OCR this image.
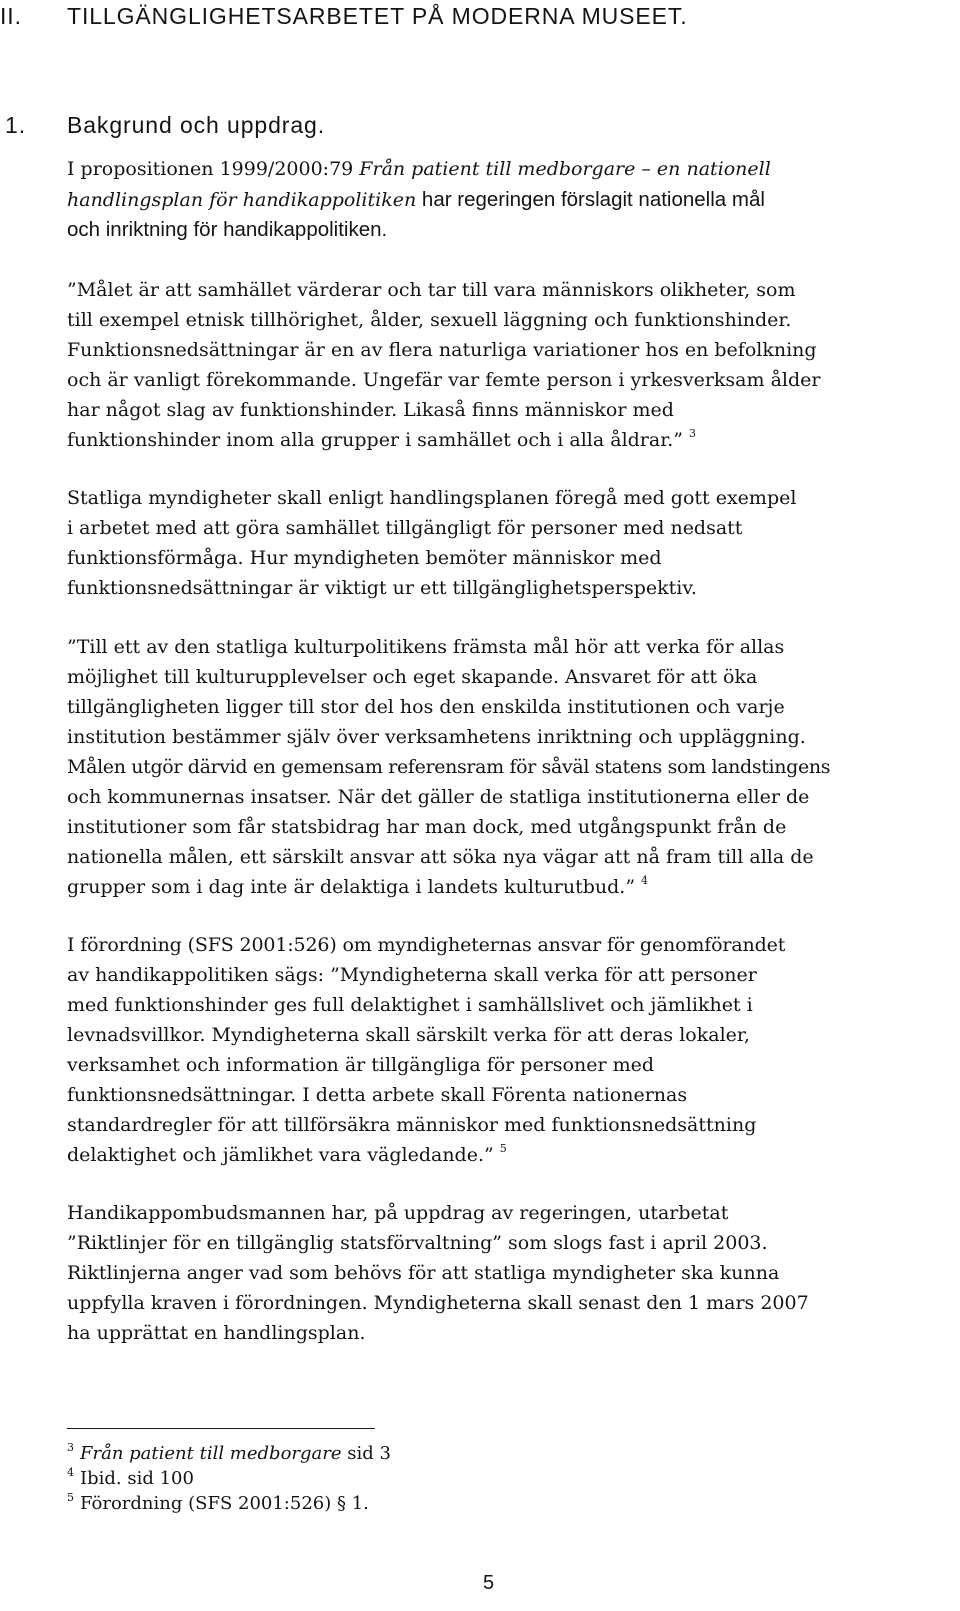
II. TILLGÄNGLIGHETSARBETET PÅ MODERNA MUSEET.
1. Bakgrund och uppdrag.

I propositionen 1999/2000:79 Från patient till medborgare – en nationell
handlingsplan för handikappolitiken har regeringen förslagit nationella mål
och inriktning för handikappolitiken.

”Målet är att samhället värderar och tar till vara människors olikheter, som
till exempel etnisk tillhörighet, ålder, sexuell läggning och funktionshinder.
Funktionsnedsättningar är en av flera naturliga variationer hos en befolkning
och är vanligt förekommande. Ungefär var femte person i yrkesverksam ålder
har något slag av funktionshinder. Likaså finns människor med
funktionshinder inom alla grupper i samhället och i alla åldrar.” $^3$

Statliga myndigheter skall enligt handlingsplanen föregå med gott exempel
i arbetet med att göra samhället tillgängligt för personer med nedsatt
funktionsförmåga. Hur myndigheten bemöter människor med
funktionsnedsättningar är viktigt ur ett tillgänglighetsperspektiv.

”Till ett av den statliga kulturpolitikens främsta mål hör att verka för allas
möjlighet till kulturupplevelser och eget skapande. Ansvaret för att öka
tillgängligheten ligger till stor del hos den enskilda institutionen och varje
institution bestämmer själv över verksamhetens inriktning och uppläggning.
Målen utgör därvid en gemensam referensram för såväl statens som landstingens
och kommunernas insatser. När det gäller de statliga institutionerna eller de
institutioner som får statsbidrag har man dock, med utgångspunkt från de
nationella målen, ett särskilt ansvar att söka nya vägar att nå fram till alla de
grupper som i dag inte är delaktiga i landets kulturutbud.” $^4$

I förordning (SFS 2001:526) om myndigheternas ansvar för genomförandet
av handikappolitiken sägs: ”Myndigheterna skall verka för att personer
med funktionshinder ges full delaktighet i samhällslivet och jämlikhet i
levnadsvillkor. Myndigheterna skall särskilt verka för att deras lokaler,
verksamhet och information är tillgängliga för personer med
funktionsnedsättningar. I detta arbete skall Förenta nationernas
standardregler för att tillförsäkra människor med funktionsnedsättning
delaktighet och jämlikhet vara vägledande.” $^5$

Handikappombudsmannen har, på uppdrag av regeringen, utarbetat
”Riktlinjer för en tillgänglig statsförvaltning” som slogs fast i april 2003.
Riktlinjerna anger vad som behövs för att statliga myndigheter ska kunna
uppfylla kraven i förordningen. Myndigheterna skall senast den 1 mars 2007
ha upprättat en handlingsplan.

3 Från patient till medborgare sid 3
4 Ibid. sid 100
5 Förordning (SFS 2001:526) § 1.
5
